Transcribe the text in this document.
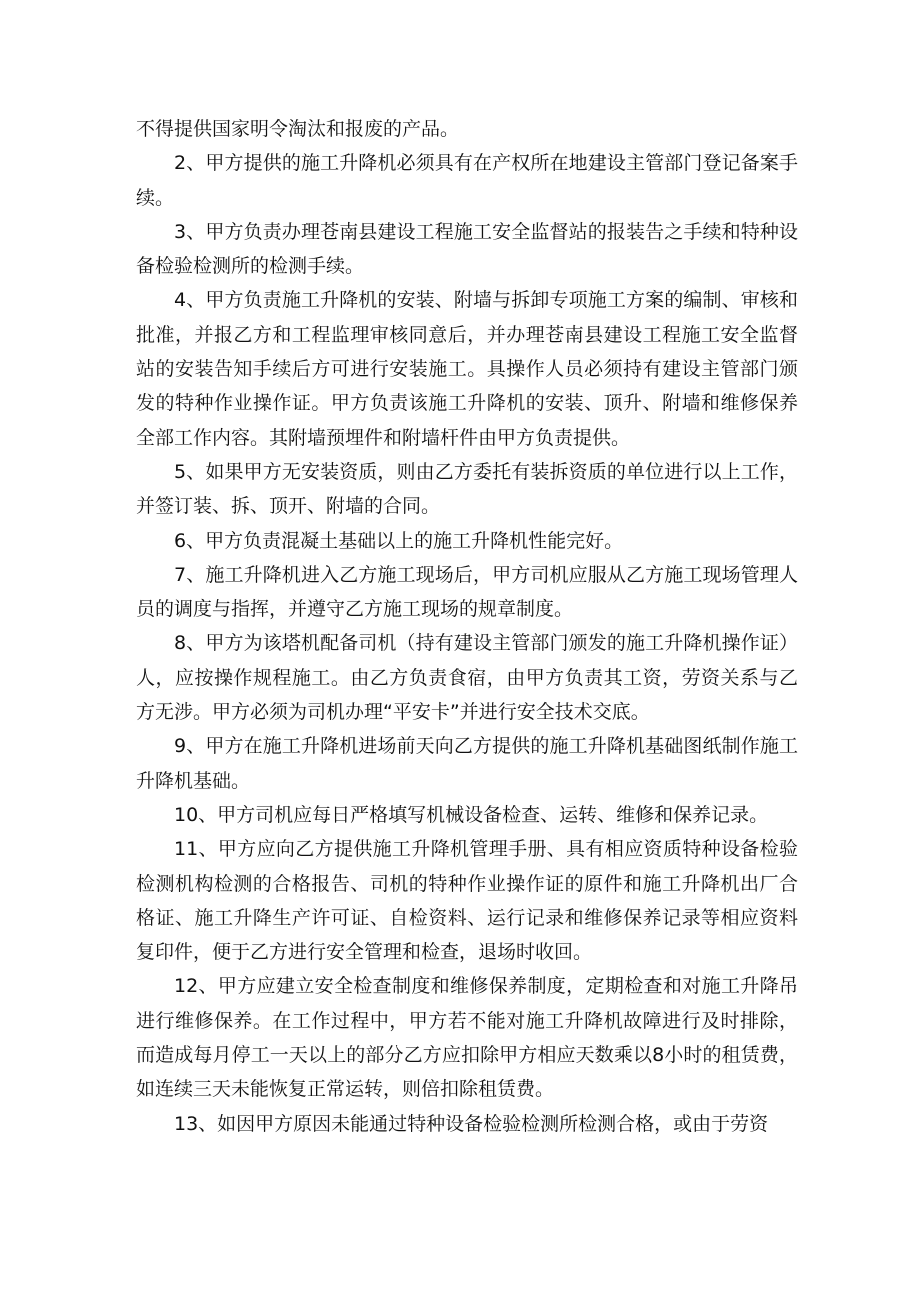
不得提供国家明令淘汰和报废的产品。

2、甲方提供的施工升降机必须具有在产权所在地建设主管部门登记备案手续。

3、甲方负责办理苍南县建设工程施工安全监督站的报装告之手续和特种设备检验检测所的检测手续。

4、甲方负责施工升降机的安装、附墙与拆卸专项施工方案的编制、审核和批准，并报乙方和工程监理审核同意后，并办理苍南县建设工程施工安全监督站的安装告知手续后方可进行安装施工。具操作人员必须持有建设主管部门颁发的特种作业操作证。甲方负责该施工升降机的安装、顶升、附墙和维修保养全部工作内容。其附墙预埋件和附墙杆件由甲方负责提供。

5、如果甲方无安装资质，则由乙方委托有装拆资质的单位进行以上工作，并签订装、拆、顶开、附墙的合同。

6、甲方负责混凝土基础以上的施工升降机性能完好。

7、施工升降机进入乙方施工现场后，甲方司机应服从乙方施工现场管理人员的调度与指挥，并遵守乙方施工现场的规章制度。

8、甲方为该塔机配备司机（持有建设主管部门颁发的施工升降机操作证）人，应按操作规程施工。由乙方负责食宿，由甲方负责其工资，劳资关系与乙方无涉。甲方必须为司机办理“平安卡”并进行安全技术交底。

9、甲方在施工升降机进场前天向乙方提供的施工升降机基础图纸制作施工升降机基础。

10、甲方司机应每日严格填写机械设备检查、运转、维修和保养记录。

11、甲方应向乙方提供施工升降机管理手册、具有相应资质特种设备检验检测机构检测的合格报告、司机的特种作业操作证的原件和施工升降机出厂合格证、施工升降生产许可证、自检资料、运行记录和维修保养记录等相应资料复印件，便于乙方进行安全管理和检查，退场时收回。

12、甲方应建立安全检查制度和维修保养制度，定期检查和对施工升降吊进行维修保养。在工作过程中，甲方若不能对施工升降机故障进行及时排除，而造成每月停工一天以上的部分乙方应扣除甲方相应天数乘以8小时的租赁费，如连续三天未能恢复正常运转，则倍扣除租赁费。

13、如因甲方原因未能通过特种设备检验检测所检测合格，或由于劳资
